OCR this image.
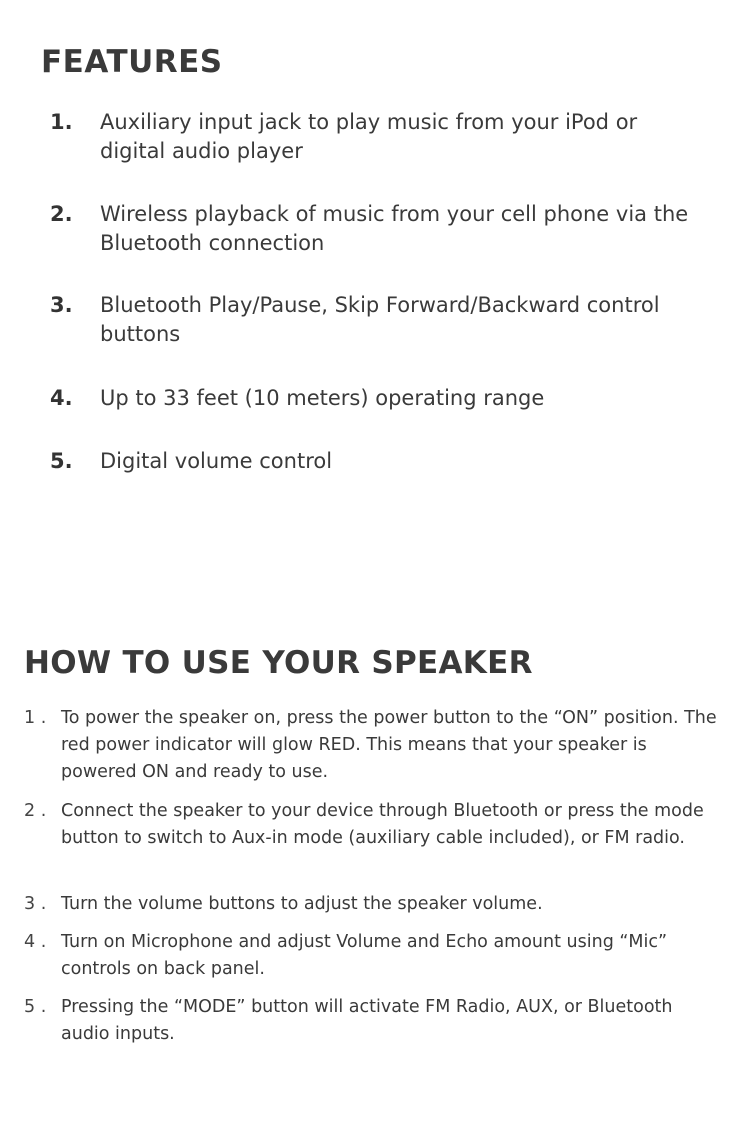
FEATURES
1. Auxiliary input jack to play music from your iPod or digital audio player
2. Wireless playback of music from your cell phone via the Bluetooth connection
3. Bluetooth Play/Pause, Skip Forward/Backward control buttons
4. Up to 33 feet (10 meters) operating range
5. Digital volume control
HOW TO USE YOUR SPEAKER
1 . To power the speaker on, press the power button to the “ON” position. The red power indicator will glow RED. This means that your speaker is powered ON and ready to use.
2 . Connect the speaker to your device through Bluetooth or press the mode button to switch to Aux-in mode (auxiliary cable included), or FM radio.
3 . Turn the volume buttons to adjust the speaker volume.
4 . Turn on Microphone and adjust Volume and Echo amount using “Mic” controls on back panel.
5 . Pressing the “MODE” button will activate FM Radio, AUX, or Bluetooth audio inputs.
